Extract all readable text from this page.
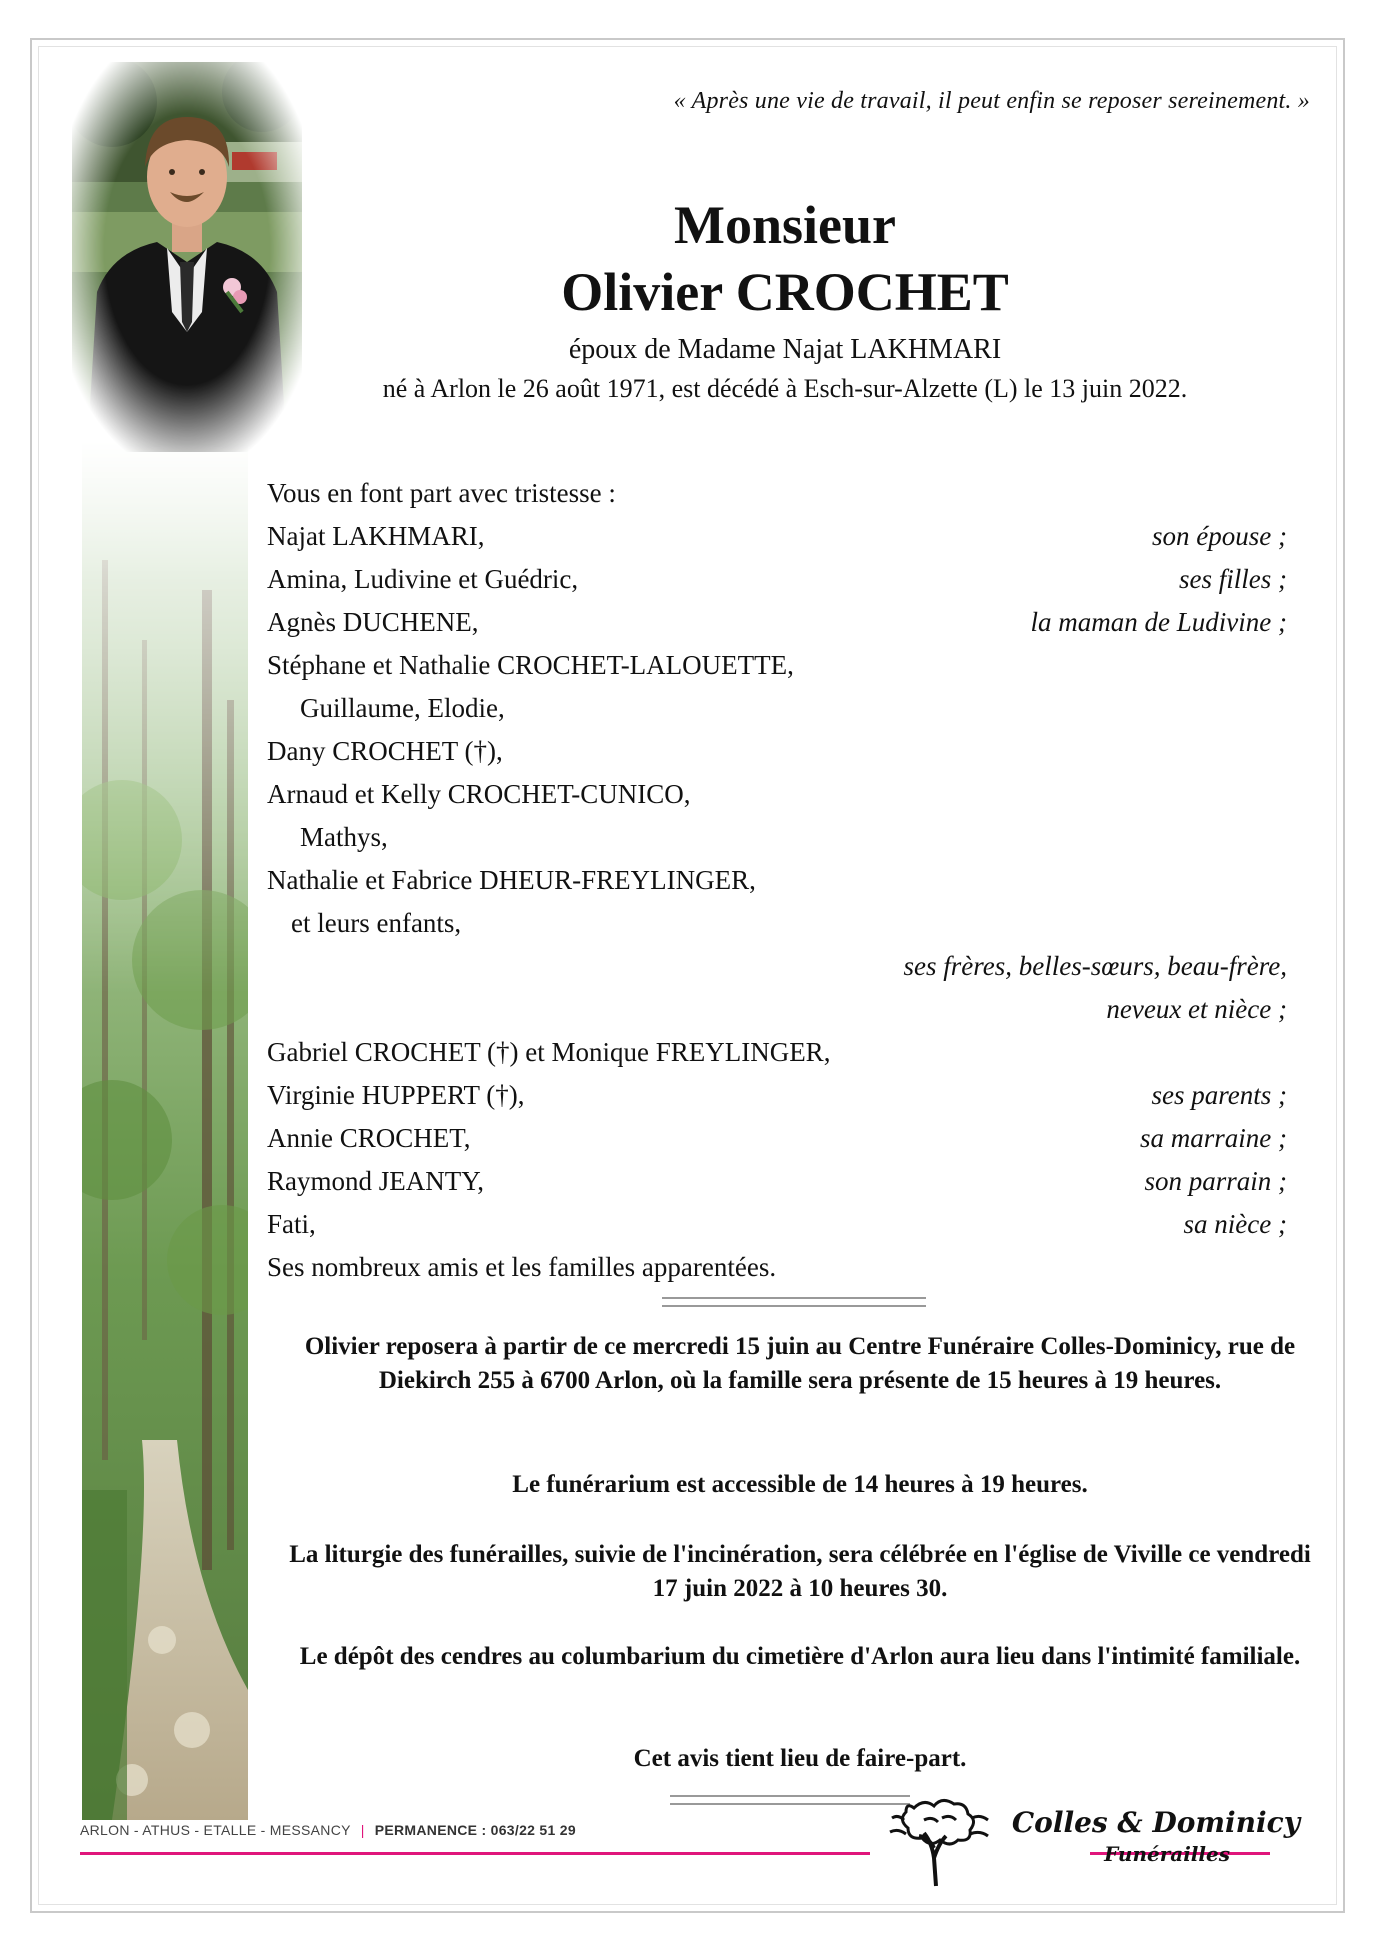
« Après une vie de travail, il peut enfin se reposer sereinement. »
Monsieur
Olivier CROCHET
époux de Madame Najat LAKHMARI
né à Arlon le 26 août 1971, est décédé à Esch-sur-Alzette (L) le 13 juin 2022.
Vous en font part avec tristesse :
Najat LAKHMARI,	son épouse ;
Amina, Ludivine et Guédric,	ses filles ;
Agnès DUCHENE,	la maman de Ludivine ;
Stéphane et Nathalie CROCHET-LALOUETTE,
Guillaume, Elodie,
Dany CROCHET (†),
Arnaud et Kelly CROCHET-CUNICO,
Mathys,
Nathalie et Fabrice DHEUR-FREYLINGER,
et leurs enfants,
ses frères, belles-sœurs, beau-frère,
neveux et nièce ;
Gabriel CROCHET (†) et Monique FREYLINGER,
Virginie HUPPERT (†),	ses parents ;
Annie CROCHET,	sa marraine ;
Raymond JEANTY,	son parrain ;
Fati,	sa nièce ;
Ses nombreux amis et les familles apparentées.
Olivier reposera à partir de ce mercredi 15 juin au Centre Funéraire Colles-Dominicy, rue de Diekirch 255 à 6700 Arlon, où la famille sera présente de 15 heures à 19 heures.
Le funérarium est accessible de 14 heures à 19 heures.
La liturgie des funérailles, suivie de l'incinération, sera célébrée en l'église de Viville ce vendredi 17 juin 2022 à 10 heures 30.
Le dépôt des cendres au columbarium du cimetière d'Arlon aura lieu dans l'intimité familiale.
Cet avis tient lieu de faire-part.
ARLON - ATHUS - ETALLE - MESSANCY | PERMANENCE : 063/22 51 29	Colles & Dominicy
Funérailles
